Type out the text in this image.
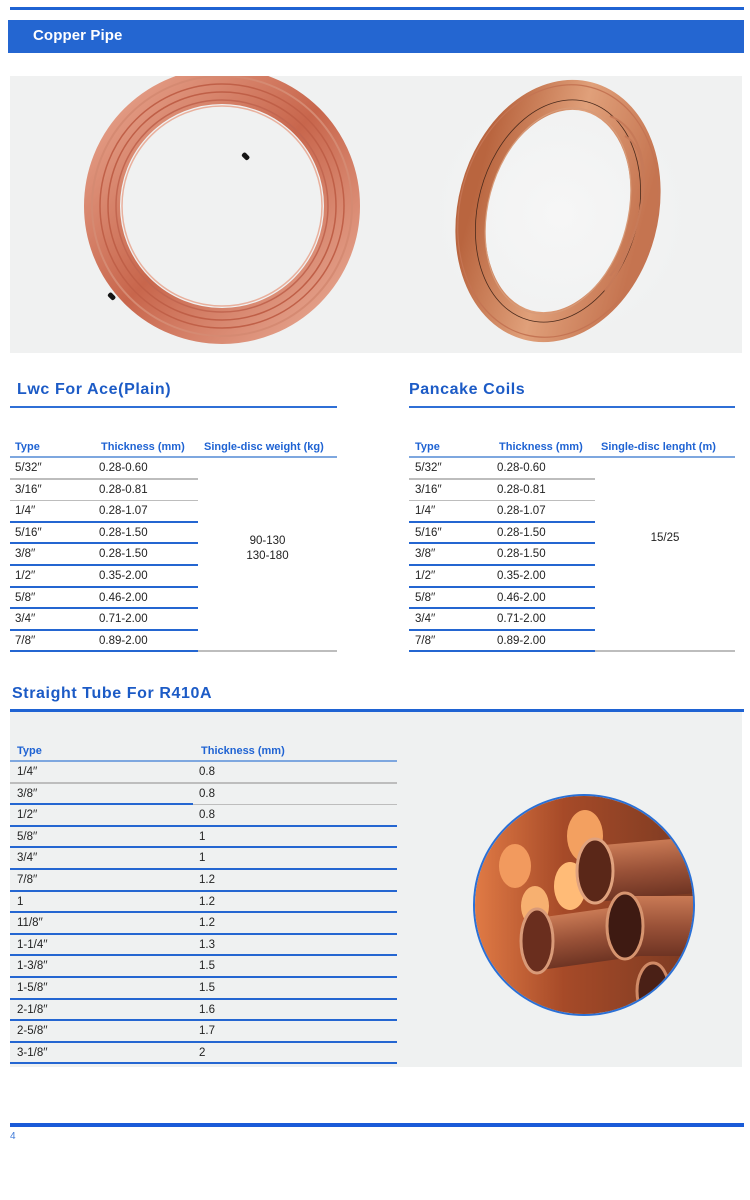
Copper Pipe
Lwc For Ace(Plain)
Type	Thickness (mm) Single-disc weight (kg)
5/32′′	0.28-0.60
3/16′′	0.28-0.81
1/4′′	0.28-1.07
5/16′′	0.28-1.50
3/8′′	0.28-1.50
1/2′′	0.35-2.00
5/8′′	0.46-2.00
3/4′′	0.71-2.00
7/8′′	0.89-2.00
90-130
130-180
Pancake Coils
Type	Thickness (mm) Single-disc lenght (m)
5/32′′	0.28-0.60
3/16′′	0.28-0.81
1/4′′	0.28-1.07
5/16′′	0.28-1.50
3/8′′	0.28-1.50
1/2′′	0.35-2.00
5/8′′	0.46-2.00
3/4′′	0.71-2.00
7/8′′	0.89-2.00
15/25
Straight Tube For R410A
Type	Thickness (mm)
1/4′′	0.8
3/8′′	0.8
1/2′′	0.8
5/8′′	1
3/4′′	1
7/8′′	1.2
1	1.2
11/8′′	1.2
1-1/4′′	1.3
1-3/8′′	1.5
1-5/8′′	1.5
2-1/8′′	1.6
2-5/8′′	1.7
3-1/8′′	2
4
